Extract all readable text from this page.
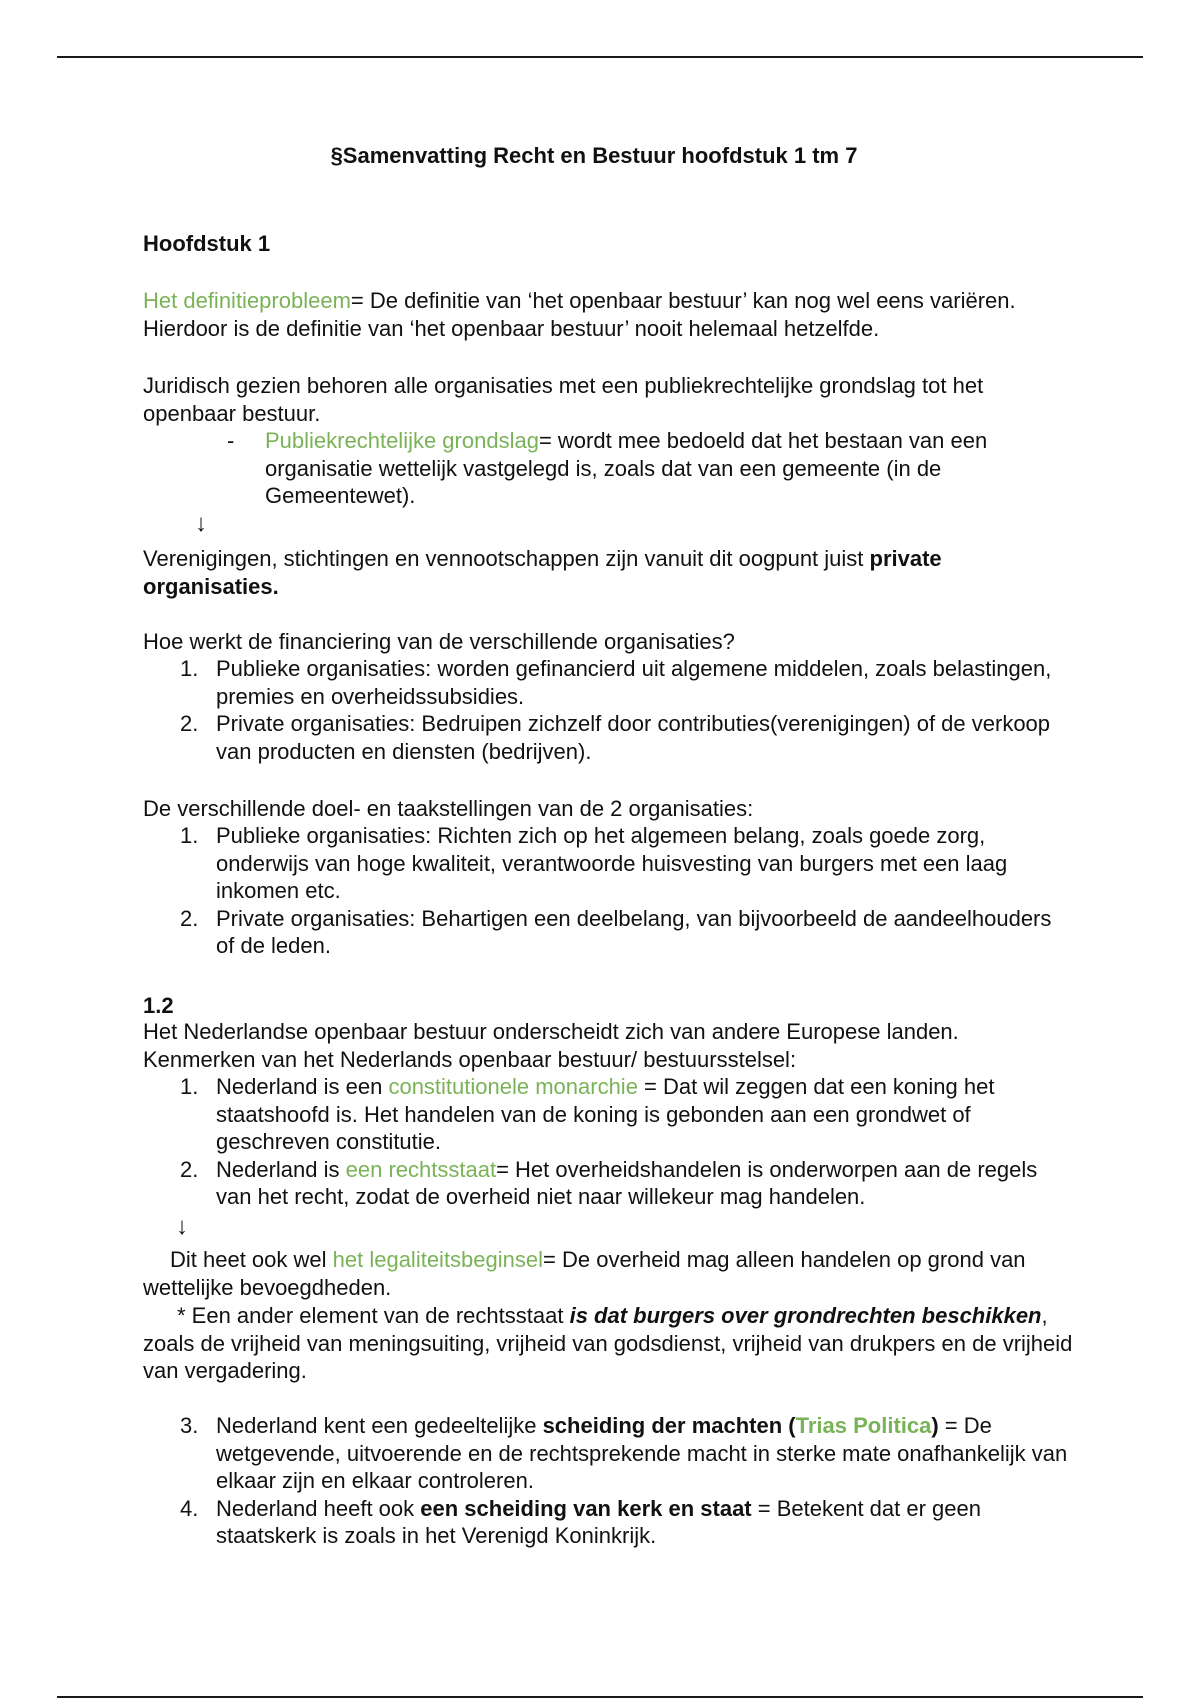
§Samenvatting Recht en Bestuur hoofdstuk 1 tm 7
Hoofdstuk 1

Het definitieprobleem= De definitie van ‘het openbaar bestuur’ kan nog wel eens variëren. Hierdoor is de definitie van ‘het openbaar bestuur’ nooit helemaal hetzelfde.

Juridisch gezien behoren alle organisaties met een publiekrechtelijke grondslag tot het openbaar bestuur.

- Publiekrechtelijke grondslag= wordt mee bedoeld dat het bestaan van een organisatie wettelijk vastgelegd is, zoals dat van een gemeente (in de Gemeentewet).
↓

Verenigingen, stichtingen en vennootschappen zijn vanuit dit oogpunt juist private organisaties.

Hoe werkt de financiering van de verschillende organisaties?

1. Publieke organisaties: worden gefinancierd uit algemene middelen, zoals belastingen, premies en overheidssubsidies.
2. Private organisaties: Bedruipen zichzelf door contributies(verenigingen) of de verkoop van producten en diensten (bedrijven).

De verschillende doel- en taakstellingen van de 2 organisaties:

1. Publieke organisaties: Richten zich op het algemeen belang, zoals goede zorg, onderwijs van hoge kwaliteit, verantwoorde huisvesting van burgers met een laag inkomen etc.
2. Private organisaties: Behartigen een deelbelang, van bijvoorbeeld de aandeelhouders of de leden.
1.2

Het Nederlandse openbaar bestuur onderscheidt zich van andere Europese landen.

Kenmerken van het Nederlands openbaar bestuur/ bestuursstelsel:

1. Nederland is een constitutionele monarchie = Dat wil zeggen dat een koning het staatshoofd is. Het handelen van de koning is gebonden aan een grondwet of geschreven constitutie.
2. Nederland is een rechtsstaat= Het overheidshandelen is onderworpen aan de regels van het recht, zodat de overheid niet naar willekeur mag handelen.
↓

Dit heet ook wel het legaliteitsbeginsel= De overheid mag alleen handelen op grond van wettelijke bevoegdheden.

* Een ander element van de rechtsstaat is dat burgers over grondrechten beschikken, zoals de vrijheid van meningsuiting, vrijheid van godsdienst, vrijheid van drukpers en de vrijheid van vergadering.

3. Nederland kent een gedeeltelijke scheiding der machten (Trias Politica) = De wetgevende, uitvoerende en de rechtsprekende macht in sterke mate onafhankelijk van elkaar zijn en elkaar controleren.
4. Nederland heeft ook een scheiding van kerk en staat = Betekent dat er geen staatskerk is zoals in het Verenigd Koninkrijk.
